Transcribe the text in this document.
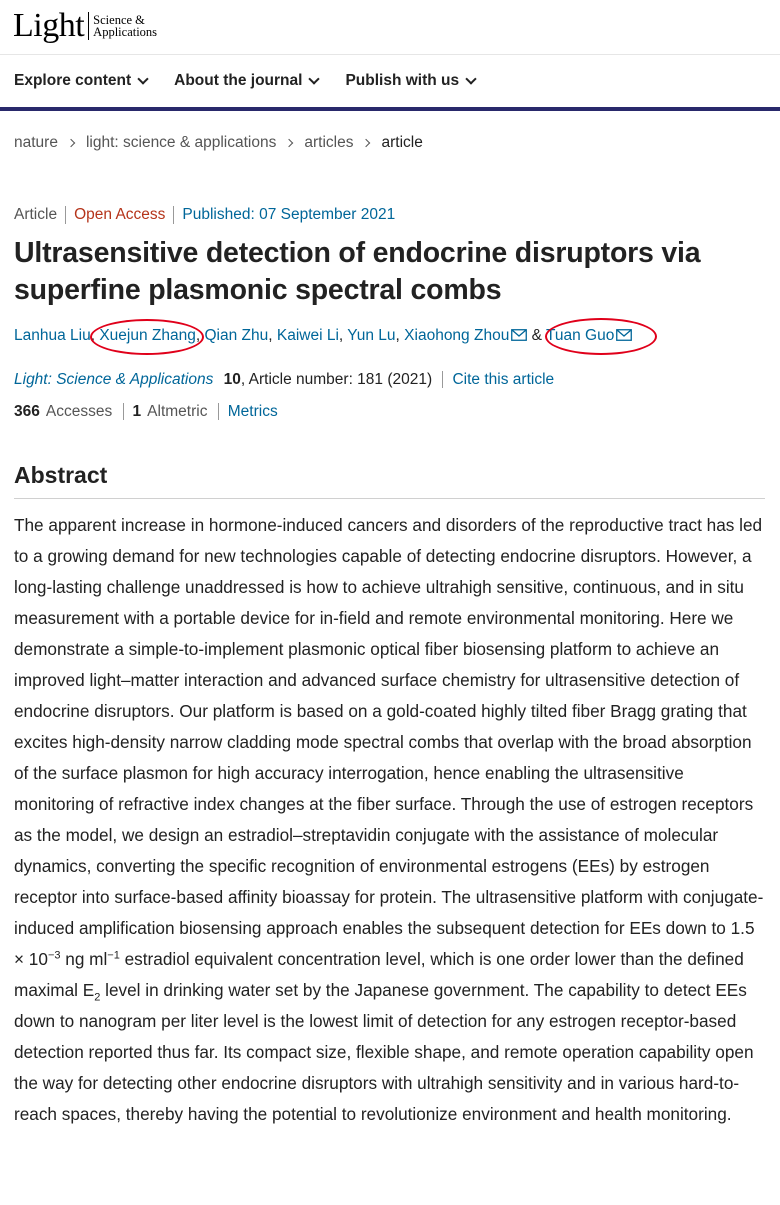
Light Science &
Applications
Explore content	About the journal	Publish with us
nature light: science & applications articles article
Article	Open Access	Published: 07 September 2021
Ultrasensitive detection of endocrine disruptors via superfine plasmonic spectral combs
Lanhua Liu, Xuejun Zhang, Qian Zhu, Kaiwei Li, Yun Lu, Xiaohong Zhou & Tuan Guo
Light: Science & Applications 10, Article number: 181 (2021) Cite this article
366 Accesses 1 Altmetric Metrics
Abstract

The apparent increase in hormone-induced cancers and disorders of the reproductive tract has led to a growing demand for new technologies capable of detecting endocrine disruptors. However, a long-lasting challenge unaddressed is how to achieve ultrahigh sensitive, continuous, and in situ measurement with a portable device for in-field and remote environmental monitoring. Here we demonstrate a simple-to-implement plasmonic optical fiber biosensing platform to achieve an improved light–matter interaction and advanced surface chemistry for ultrasensitive detection of endocrine disruptors. Our platform is based on a gold-coated highly tilted fiber Bragg grating that excites high-density narrow cladding mode spectral combs that overlap with the broad absorption of the surface plasmon for high accuracy interrogation, hence enabling the ultrasensitive monitoring of refractive index changes at the fiber surface. Through the use of estrogen receptors as the model, we design an estradiol–streptavidin conjugate with the assistance of molecular dynamics, converting the specific recognition of environmental estrogens (EEs) by estrogen receptor into surface-based affinity bioassay for protein. The ultrasensitive platform with conjugate-induced amplification biosensing approach enables the subsequent detection for EEs down to $1.5 \times 10^{-3}$ ng $ml^{-1}$ estradiol equivalent concentration level, which is one order lower than the defined maximal $E_2$ level in drinking water set by the Japanese government. The capability to detect EEs down to nanogram per liter level is the lowest limit of detection for any estrogen receptor-based detection reported thus far. Its compact size, flexible shape, and remote operation capability open the way for detecting other endocrine disruptors with ultrahigh sensitivity and in various hard-to-reach spaces, thereby having the potential to revolutionize environment and health monitoring.
